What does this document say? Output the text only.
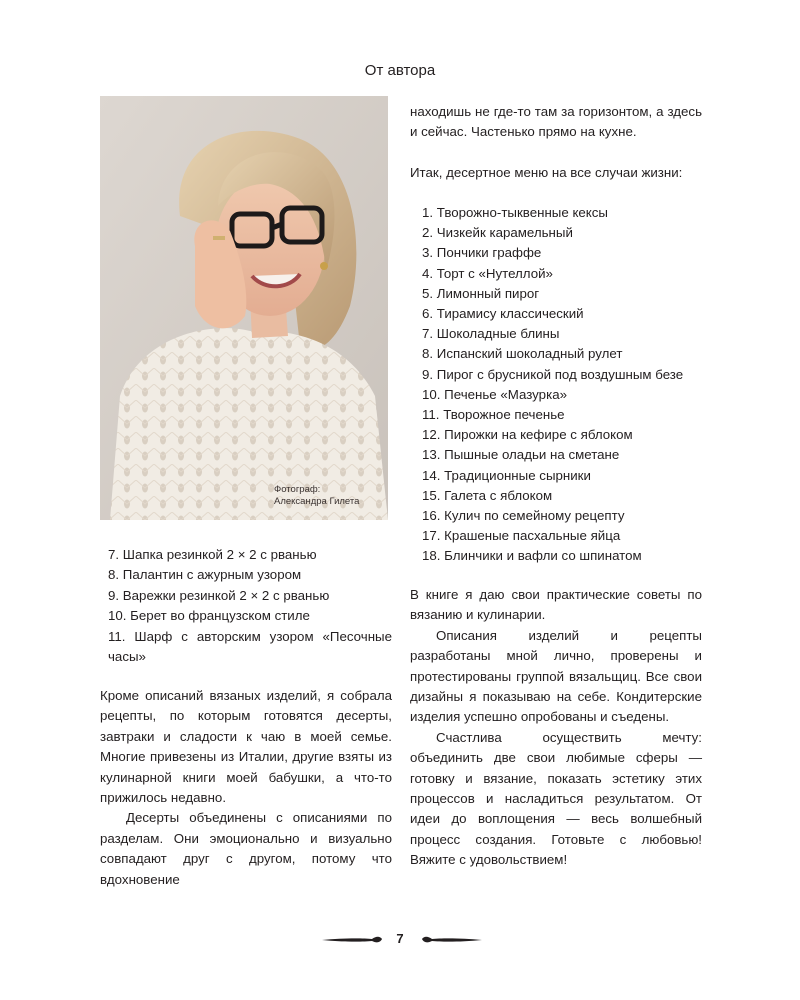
От автора
Фотограф:
Александра Гилета
7. Шапка резинкой 2 × 2 с рванью
8. Палантин с ажурным узором
9. Варежки резинкой 2 × 2 с рванью
10. Берет во французском стиле
11. Шарф с авторским узором «Песочные часы»

Кроме описаний вязаных изделий, я собрала рецепты, по которым готовятся десерты, завтраки и сладости к чаю в моей семье. Многие привезены из Италии, другие взяты из кулинарной книги моей бабушки, а что-то прижилось недавно.

Десерты объединены с описаниями по разделам. Они эмоционально и визуально совпадают друг с другом, потому что вдохновение

находишь не где-то там за горизонтом, а здесь и сейчас. Частенько прямо на кухне.

Итак, десертное меню на все случаи жизни:

1. Творожно-тыквенные кексы
2. Чизкейк карамельный
3. Пончики граффе
4. Торт с «Нутеллой»
5. Лимонный пирог
6. Тирамису классический
7. Шоколадные блины
8. Испанский шоколадный рулет
9. Пирог с брусникой под воздушным безе
10. Печенье «Мазурка»
11. Творожное печенье
12. Пирожки на кефире с яблоком
13. Пышные оладьи на сметане
14. Традиционные сырники
15. Галета с яблоком
16. Кулич по семейному рецепту
17. Крашеные пасхальные яйца
18. Блинчики и вафли со шпинатом

В книге я даю свои практические советы по вязанию и кулинарии.

Описания изделий и рецепты разработаны мной лично, проверены и протестированы группой вязальщиц. Все свои дизайны я показываю на себе. Кондитерские изделия успешно опробованы и съедены.

Счастлива осуществить мечту: объединить две свои любимые сферы — готовку и вязание, показать эстетику этих процессов и насладиться результатом. От идеи до воплощения — весь волшебный процесс создания. Готовьте с любовью! Вяжите с удовольствием!

7
